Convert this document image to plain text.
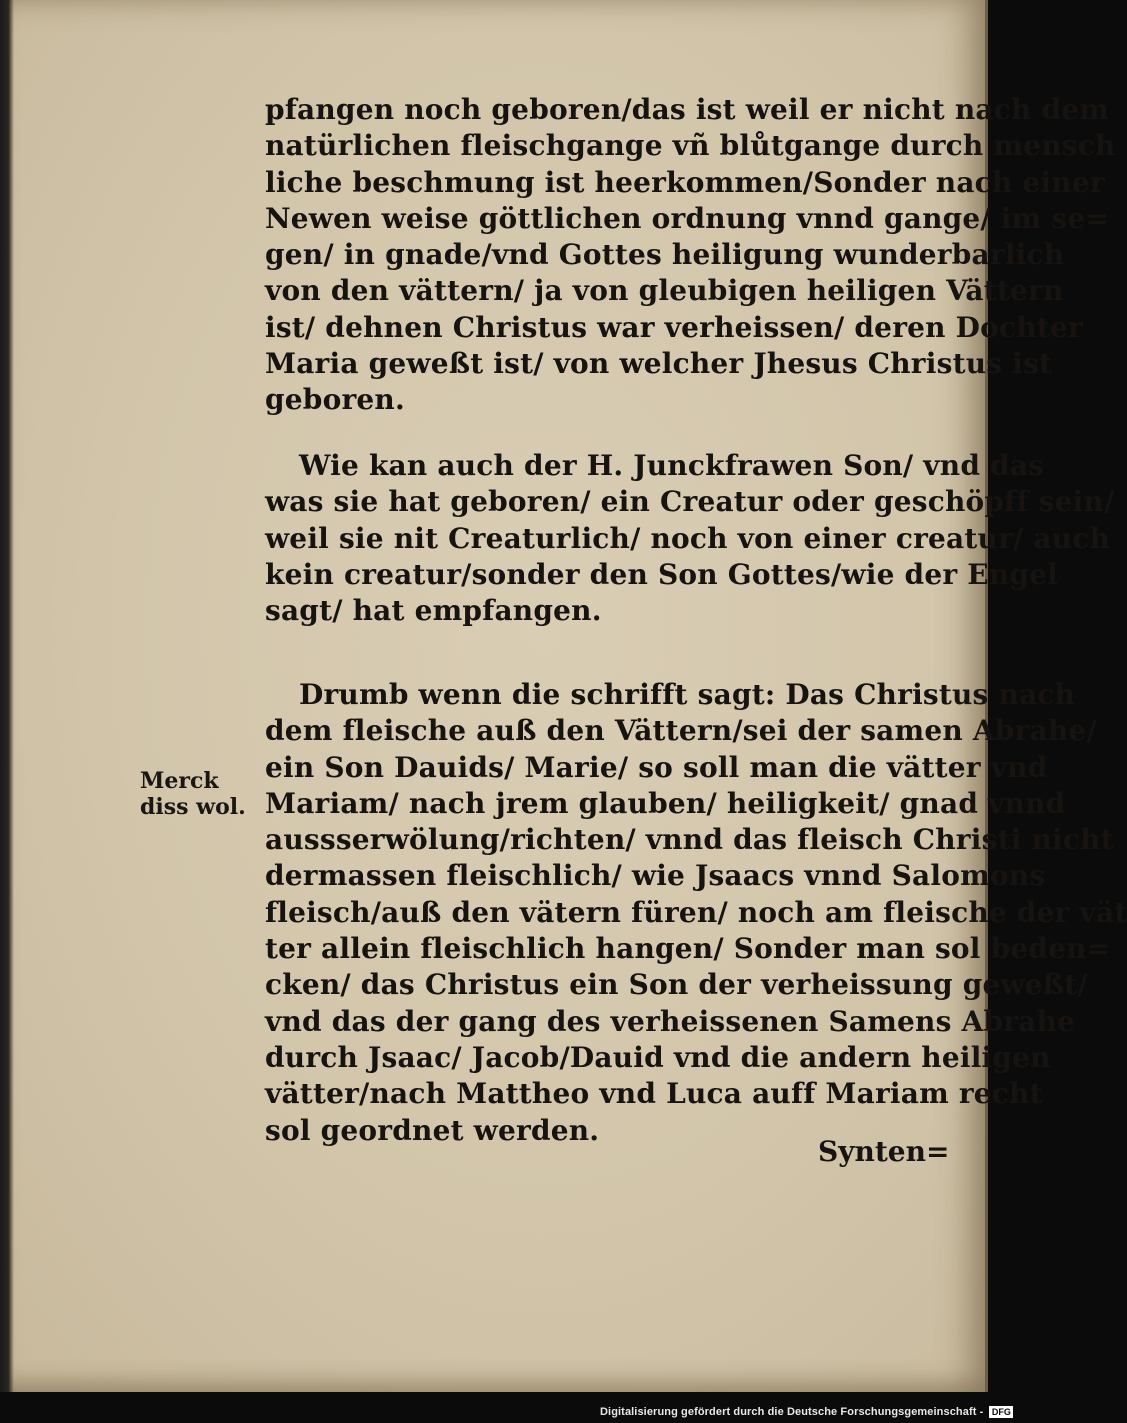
pfangen noch geboren/das ist weil er nicht nach dem
natürlichen fleischgange vñ blůtgange durch mensch
liche beschmung ist heerkommen/Sonder nach einer
Newen weise göttlichen ordnung vnnd gange/ im se=
gen/ in gnade/vnd Gottes heiligung wunderbarlich
von den vättern/ ja von gleubigen heiligen Vättern
ist/ dehnen Christus war verheissen/ deren Dochter
Maria geweßt ist/ von welcher Jhesus Christus ist
geboren.
Wie kan auch der H. Junckfrawen Son/ vnd das
was sie hat geboren/ ein Creatur oder geschöpff sein/
weil sie nit Creaturlich/ noch von einer creatur/ auch
kein creatur/sonder den Son Gottes/wie der Engel
sagt/ hat empfangen.
Drumb wenn die schrifft sagt: Das Christus nach
dem fleische auß den Vättern/sei der samen Abrahe/
ein Son Dauids/ Marie/ so soll man die vätter vnd
Mariam/ nach jrem glauben/ heiligkeit/ gnad vnnd
aussserwölung/richten/ vnnd das fleisch Christi nicht
dermassen fleischlich/ wie Jsaacs vnnd Salomons
fleisch/auß den vätern füren/ noch am fleische der vät
ter allein fleischlich hangen/ Sonder man sol beden=
cken/ das Christus ein Son der verheissung geweßt/
vnd das der gang des verheissenen Samens Abrahe
durch Jsaac/ Jacob/Dauid vnd die andern heiligen
vätter/nach Mattheo vnd Luca auff Mariam recht
sol geordnet werden.
Merck
diss wol.
Synten=
Digitalisierung gefördert durch die Deutsche Forschungsgemeinschaft - DFG
